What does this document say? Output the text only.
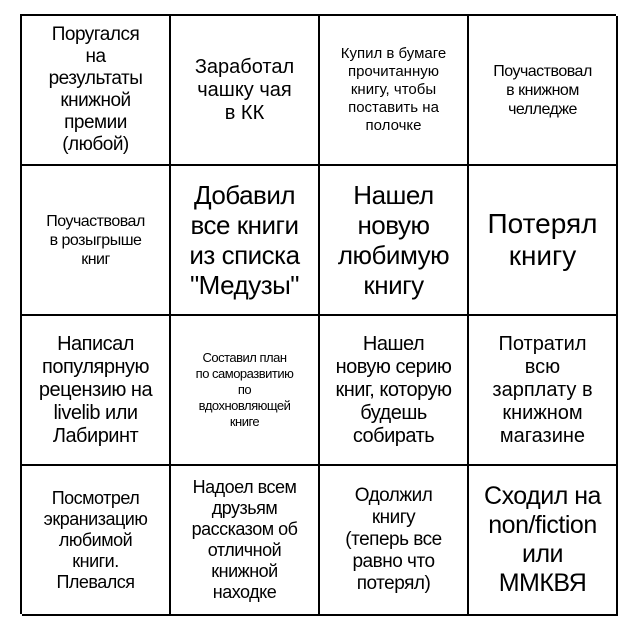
Поругался
на
результаты
книжной
премии
(любой)
Заработал
чашку чая
в КК
Купил в бумаге
прочитанную
книгу, чтобы
поставить на
полочке
Поучаствовал
в книжном
челледже
Поучаствовал
в розыгрыше
книг
Добавил
все книги
из списка
"Медузы"
Нашел
новую
любимую
книгу
Потерял
книгу
Написал
популярную
рецензию на
livelib или
Лабиринт
Составил план
по саморазвитию
по
вдохновляющей
книге
Нашел
новую серию
книг, которую
будешь
собирать
Потратил
всю
зарплату в
книжном
магазине
Посмотрел
экранизацию
любимой
книги.
Плевался
Надоел всем
друзьям
рассказом об
отличной
книжной
находке
Одолжил
книгу
(теперь все
равно что
потерял)
Сходил на
non/fiction
или
ММКВЯ
